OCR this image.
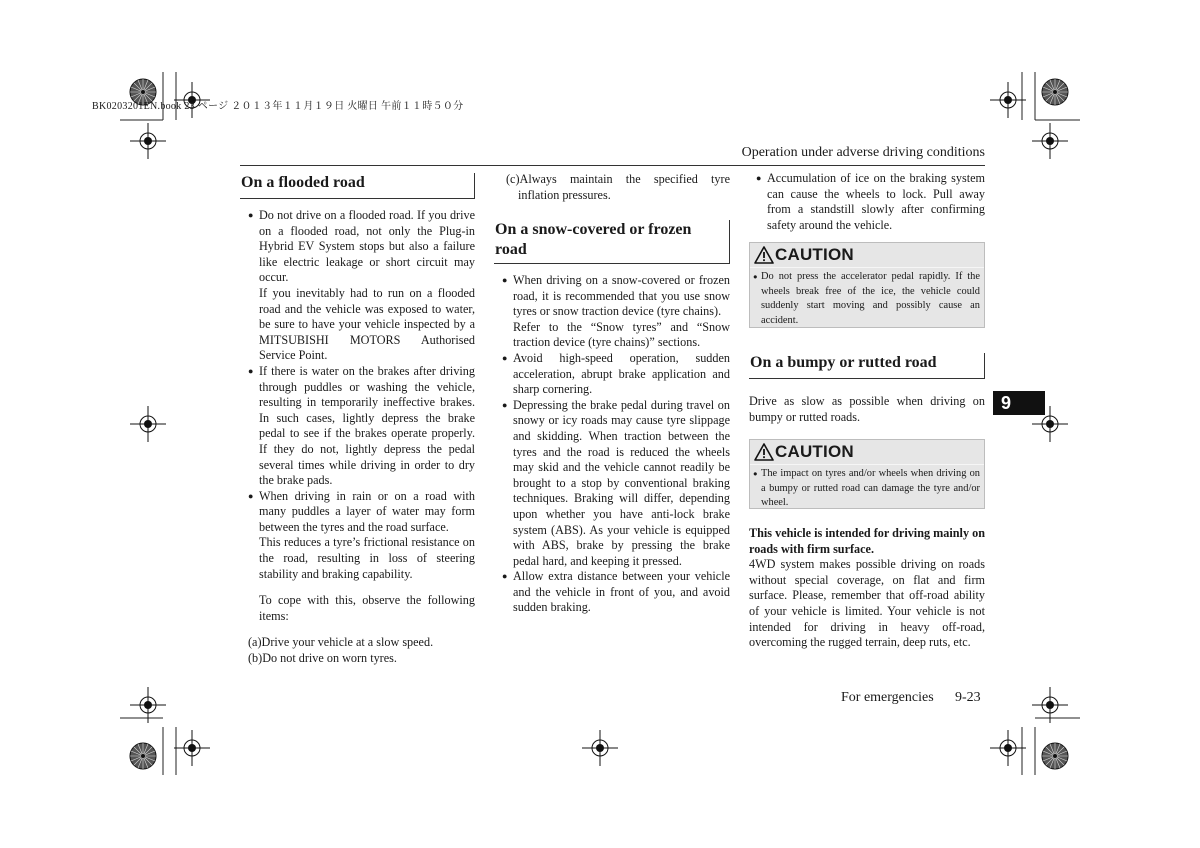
BK0203201EN.book 23 ページ ２０１３年１１月１９日 火曜日 午前１１時５０分
Operation under adverse driving conditions
On a flooded road

● Do not drive on a flooded road. If you drive on a flooded road, not only the Plug-in Hybrid EV System stops but also a failure like electric leakage or short circuit may occur.

If you inevitably had to run on a flooded road and the vehicle was exposed to water, be sure to have your vehicle inspected by a MITSUBISHI MOTORS Authorised Service Point.

● If there is water on the brakes after driving through puddles or washing the vehicle, resulting in temporarily ineffective brakes. In such cases, lightly depress the brake pedal to see if the brakes operate properly. If they do not, lightly depress the pedal several times while driving in order to dry the brake pads.

● When driving in rain or on a road with many puddles a layer of water may form between the tyres and the road surface.

This reduces a tyre’s frictional resistance on the road, resulting in loss of steering stability and braking capability.

To cope with this, observe the following items:

(a)Drive your vehicle at a slow speed.

(b)Do not drive on worn tyres.

(c)Always maintain the specified tyre inflation pressures.

On a snow-covered or frozen road

● When driving on a snow-covered or frozen road, it is recommended that you use snow tyres or snow traction device (tyre chains).

Refer to the “Snow tyres” and “Snow traction device (tyre chains)” sections.

● Avoid high-speed operation, sudden acceleration, abrupt brake application and sharp cornering.

● Depressing the brake pedal during travel on snowy or icy roads may cause tyre slippage and skidding. When traction between the tyres and the road is reduced the wheels may skid and the vehicle cannot readily be brought to a stop by conventional braking techniques. Braking will differ, depending upon whether you have anti-lock brake system (ABS). As your vehicle is equipped with ABS, brake by pressing the brake pedal hard, and keeping it pressed.

● Allow extra distance between your vehicle and the vehicle in front of you, and avoid sudden braking.

● Accumulation of ice on the braking system can cause the wheels to lock. Pull away from a standstill slowly after confirming safety around the vehicle.

CAUTION
● Do not press the accelerator pedal rapidly. If the wheels break free of the ice, the vehicle could suddenly start moving and possibly cause an accident.
On a bumpy or rutted road

Drive as slow as possible when driving on bumpy or rutted roads.

CAUTION
● The impact on tyres and/or wheels when driving on a bumpy or rutted road can damage the tyre and/or wheel.

This vehicle is intended for driving mainly on roads with firm surface.

4WD system makes possible driving on roads without special coverage, on flat and firm surface. Please, remember that off-road ability of your vehicle is limited. Your vehicle is not intended for driving in heavy off-road, overcoming the rugged terrain, deep ruts, etc.

9
For emergencies 9-23
